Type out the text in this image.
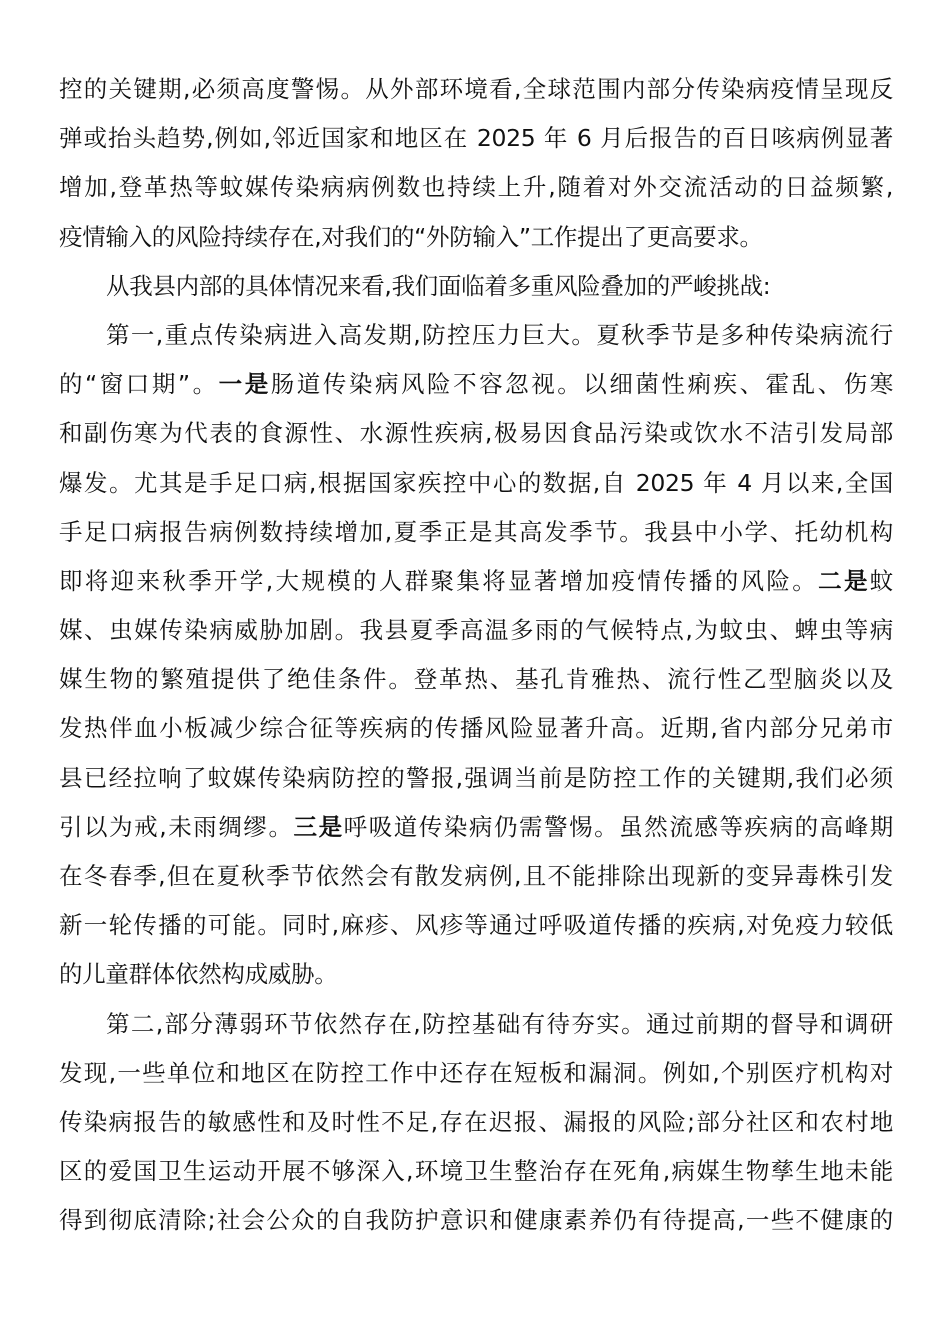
控的关键期,必须高度警惕。从外部环境看,全球范围内部分传染病疫情呈现反
弹或抬头趋势,例如,邻近国家和地区在 2025 年 6 月后报告的百日咳病例显著
增加,登革热等蚊媒传染病病例数也持续上升,随着对外交流活动的日益频繁,
疫情输入的风险持续存在,对我们的“外防输入”工作提出了更高要求。
从我县内部的具体情况来看,我们面临着多重风险叠加的严峻挑战:
第一,重点传染病进入高发期,防控压力巨大。夏秋季节是多种传染病流行
的“窗口期”。一是肠道传染病风险不容忽视。以细菌性痢疾、霍乱、伤寒
和副伤寒为代表的食源性、水源性疾病,极易因食品污染或饮水不洁引发局部
爆发。尤其是手足口病,根据国家疾控中心的数据,自 2025 年 4 月以来,全国
手足口病报告病例数持续增加,夏季正是其高发季节。我县中小学、托幼机构
即将迎来秋季开学,大规模的人群聚集将显著增加疫情传播的风险。二是蚊
媒、虫媒传染病威胁加剧。我县夏季高温多雨的气候特点,为蚊虫、蜱虫等病
媒生物的繁殖提供了绝佳条件。登革热、基孔肯雅热、流行性乙型脑炎以及
发热伴血小板减少综合征等疾病的传播风险显著升高。近期,省内部分兄弟市
县已经拉响了蚊媒传染病防控的警报,强调当前是防控工作的关键期,我们必须
引以为戒,未雨绸缪。三是呼吸道传染病仍需警惕。虽然流感等疾病的高峰期
在冬春季,但在夏秋季节依然会有散发病例,且不能排除出现新的变异毒株引发
新一轮传播的可能。同时,麻疹、风疹等通过呼吸道传播的疾病,对免疫力较低
的儿童群体依然构成威胁。
第二,部分薄弱环节依然存在,防控基础有待夯实。通过前期的督导和调研
发现,一些单位和地区在防控工作中还存在短板和漏洞。例如,个别医疗机构对
传染病报告的敏感性和及时性不足,存在迟报、漏报的风险;部分社区和农村地
区的爱国卫生运动开展不够深入,环境卫生整治存在死角,病媒生物孳生地未能
得到彻底清除;社会公众的自我防护意识和健康素养仍有待提高,一些不健康的
